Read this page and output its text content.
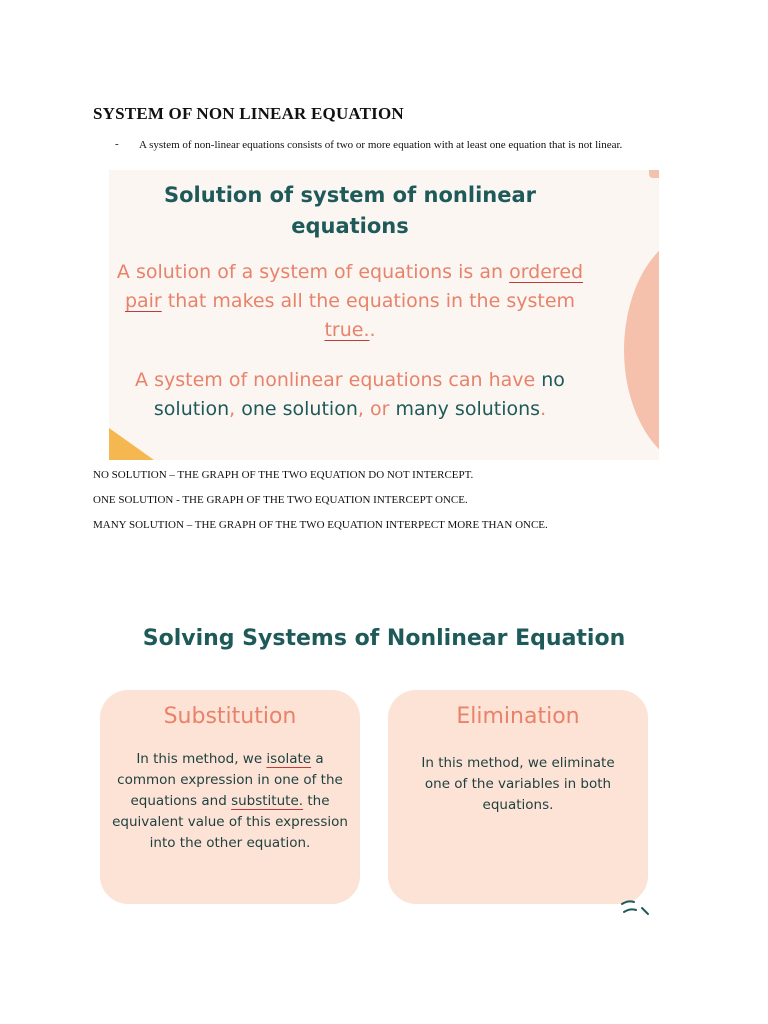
SYSTEM OF NON LINEAR EQUATION
- A system of non-linear equations consists of two or more equation with at least one equation that is not linear.
Solution of system of nonlinear equations
A solution of a system of equations is an ordered pair that makes all the equations in the system true..
A system of nonlinear equations can have no solution, one solution, or many solutions.
NO SOLUTION – THE GRAPH OF THE TWO EQUATION DO NOT INTERCEPT.
ONE SOLUTION - THE GRAPH OF THE TWO EQUATION INTERCEPT ONCE.
MANY SOLUTION – THE GRAPH OF THE TWO EQUATION INTERPECT MORE THAN ONCE.
Solving Systems of Nonlinear Equation
Substitution
In this method, we isolate a common expression in one of the equations and substitute. the equivalent value of this expression into the other equation.
Elimination
In this method, we eliminate one of the variables in both equations.
